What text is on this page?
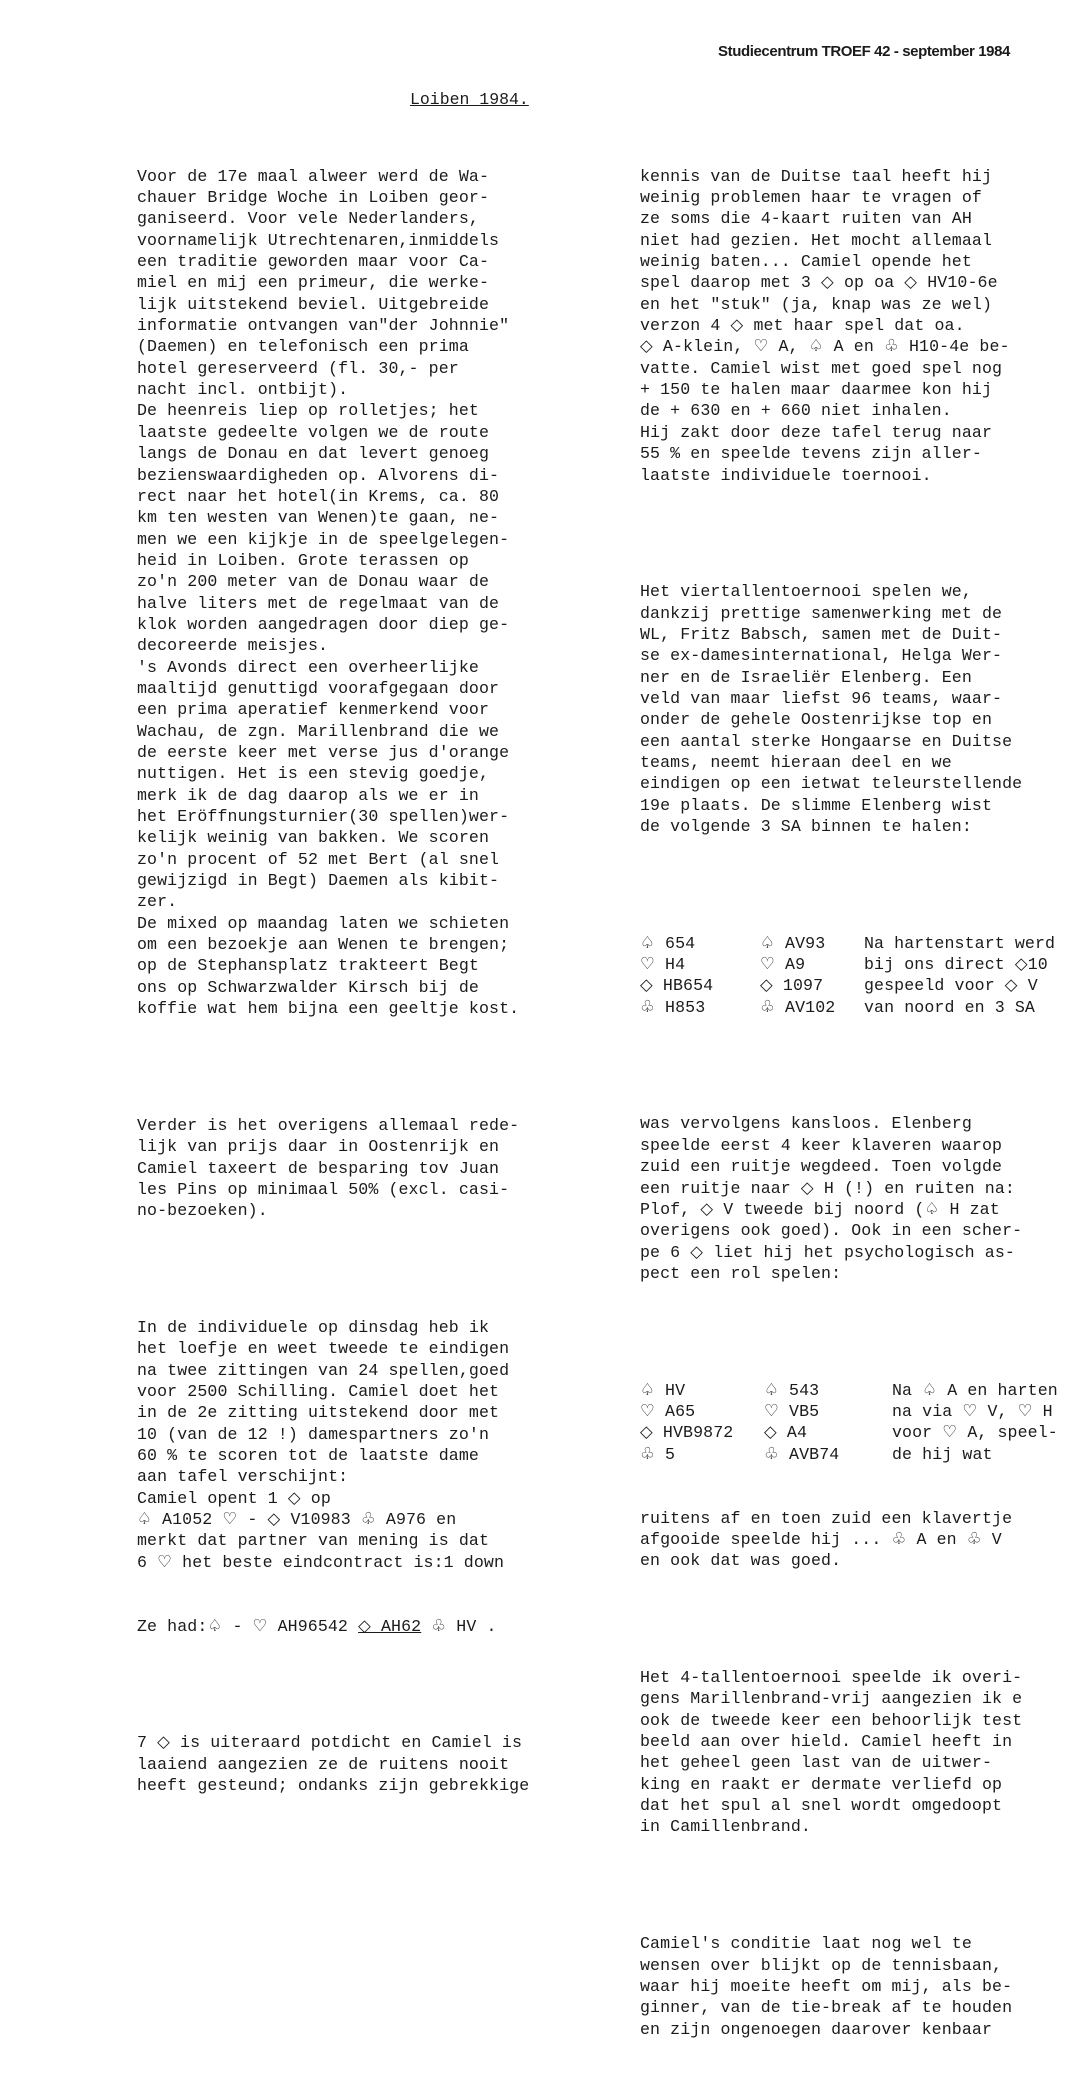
Studiecentrum TROEF 42 - september 1984
Loiben 1984.

Voor de 17e maal alweer werd de Wa-
chauer Bridge Woche in Loiben geor-
ganiseerd. Voor vele Nederlanders,
voornamelijk Utrechtenaren,inmiddels
een traditie geworden maar voor Ca-
miel en mij een primeur, die werke-
lijk uitstekend beviel. Uitgebreide
informatie ontvangen van"der Johnnie"
(Daemen) en telefonisch een prima
hotel gereserveerd (fl. 30,- per
nacht incl. ontbijt).
De heenreis liep op rolletjes; het
laatste gedeelte volgen we de route
langs de Donau en dat levert genoeg
bezienswaardigheden op. Alvorens di-
rect naar het hotel(in Krems, ca. 80
km ten westen van Wenen)te gaan, ne-
men we een kijkje in de speelgelegen-
heid in Loiben. Grote terassen op
zo'n 200 meter van de Donau waar de
halve liters met de regelmaat van de
klok worden aangedragen door diep ge-
decoreerde meisjes.
's Avonds direct een overheerlijke
maaltijd genuttigd voorafgegaan door
een prima aperatief kenmerkend voor
Wachau, de zgn. Marillenbrand die we
de eerste keer met verse jus d'orange
nuttigen. Het is een stevig goedje,
merk ik de dag daarop als we er in
het Eröffnungsturnier(30 spellen)wer-
kelijk weinig van bakken. We scoren
zo'n procent of 52 met Bert (al snel
gewijzigd in Begt) Daemen als kibit-
zer.
De mixed op maandag laten we schieten
om een bezoekje aan Wenen te brengen;
op de Stephansplatz trakteert Begt
ons op Schwarzwalder Kirsch bij de
koffie wat hem bijna een geeltje kost.

Verder is het overigens allemaal rede-
lijk van prijs daar in Oostenrijk en
Camiel taxeert de besparing tov Juan
les Pins op minimaal 50% (excl. casi-
no-bezoeken).

In de individuele op dinsdag heb ik
het loefje en weet tweede te eindigen
na twee zittingen van 24 spellen,goed
voor 2500 Schilling. Camiel doet het
in de 2e zitting uitstekend door met
10 (van de 12 !) damespartners zo'n
60 % te scoren tot de laatste dame
aan tafel verschijnt:
Camiel opent 1 ◇ op
♤ A1052 ♡ - ◇ V10983 ♧ A976 en
merkt dat partner van mening is dat
6 ♡ het beste eindcontract is:1 down

Ze had:♤ - ♡ AH96542 ◇ AH62 ♧ HV .

7 ◇ is uiteraard potdicht en Camiel is
laaiend aangezien ze de ruitens nooit
heeft gesteund; ondanks zijn gebrekkige

kennis van de Duitse taal heeft hij
weinig problemen haar te vragen of
ze soms die 4-kaart ruiten van AH
niet had gezien. Het mocht allemaal
weinig baten... Camiel opende het
spel daarop met 3 ◇ op oa ◇ HV10-6e
en het "stuk" (ja, knap was ze wel)
verzon 4 ◇ met haar spel dat oa.
◇ A-klein, ♡ A, ♤ A en ♧ H10-4e be-
vatte. Camiel wist met goed spel nog
+ 150 te halen maar daarmee kon hij
de + 630 en + 660 niet inhalen.
Hij zakt door deze tafel terug naar
55 % en speelde tevens zijn aller-
laatste individuele toernooi.

Het viertallentoernooi spelen we,
dankzij prettige samenwerking met de
WL, Fritz Babsch, samen met de Duit-
se ex-damesinternational, Helga Wer-
ner en de Israeliër Elenberg. Een
veld van maar liefst 96 teams, waar-
onder de gehele Oostenrijkse top en
een aantal sterke Hongaarse en Duitse
teams, neemt hieraan deel en we
eindigen op een ietwat teleurstellende
19e plaats. De slimme Elenberg wist
de volgende 3 SA binnen te halen:

♤ 654	♤ AV93 Na hartenstart werd
♡ H4	♡ A9	bij ons direct ◇10
◇ HB654	◇ 1097 gespeeld voor ◇ V
♧ H853	♧ AV102 van noord en 3 SA

was vervolgens kansloos. Elenberg
speelde eerst 4 keer klaveren waarop
zuid een ruitje wegdeed. Toen volgde
een ruitje naar ◇ H (!) en ruiten na:
Plof, ◇ V tweede bij noord (♤ H zat
overigens ook goed). Ook in een scher-
pe 6 ◇ liet hij het psychologisch as-
pect een rol spelen:

♤ HV	♤ 543	Na ♤ A en harten
♡ A65	♡ VB5	na via ♡ V, ♡ H
◇ HVB9872 ◇ A4	voor ♡ A, speel-
♧ 5	♧ AVB74	de hij wat

ruitens af en toen zuid een klavertje
afgooide speelde hij ... ♧ A en ♧ V
en ook dat was goed.

Het 4-tallentoernooi speelde ik overi-
gens Marillenbrand-vrij aangezien ik e
ook de tweede keer een behoorlijk test
beeld aan over hield. Camiel heeft in
het geheel geen last van de uitwer-
king en raakt er dermate verliefd op
dat het spul al snel wordt omgedoopt
in Camillenbrand.

Camiel's conditie laat nog wel te
wensen over blijkt op de tennisbaan,
waar hij moeite heeft om mij, als be-
ginner, van de tie-break af te houden
en zijn ongenoegen daarover kenbaar
